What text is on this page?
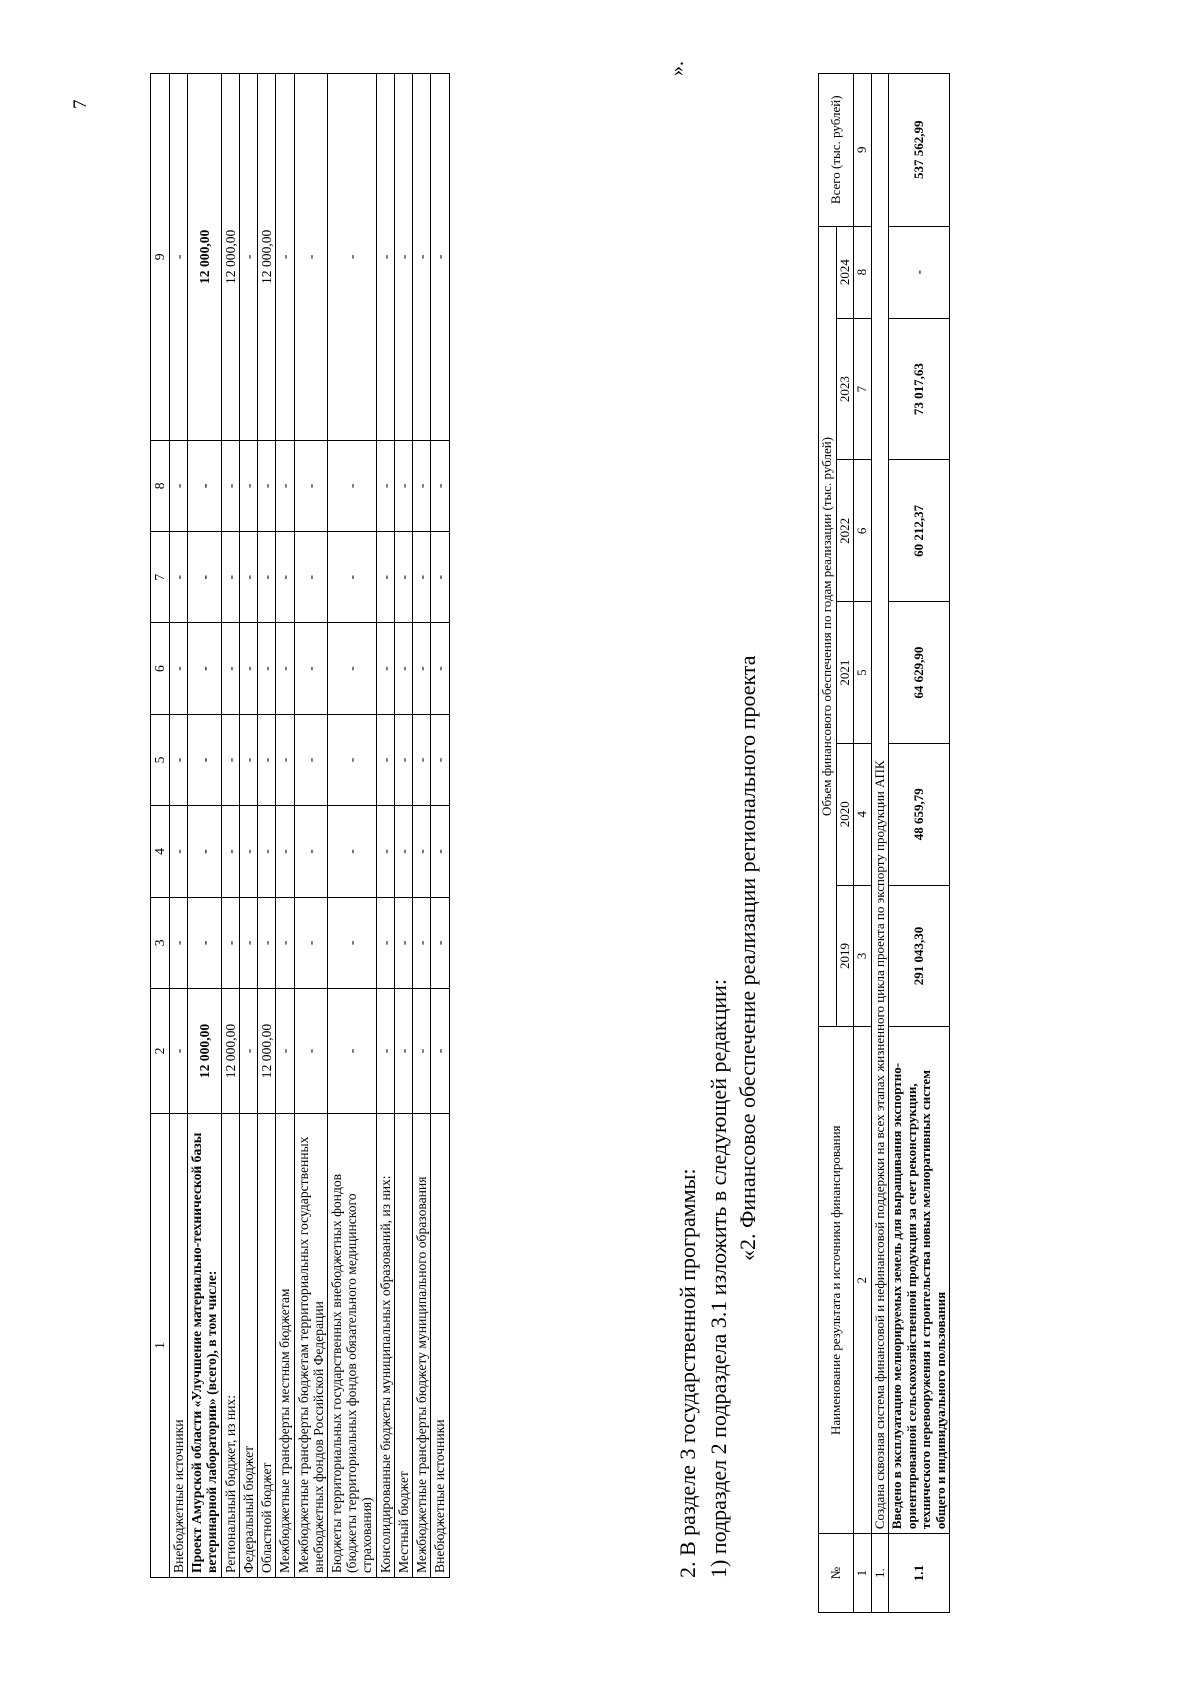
7
1	2	3	4	5	6	7	8	9
Внебюджетные источники	-	-	-	-	-	-	-	-
Проект Амурской области «Улучшение материально-технической базы ветеринарной лаборатории» (всего), в том числе:	12 000,00	-	-	-	-	-	-	12 000,00
Региональный бюджет, из них:	12 000,00	-	-	-	-	-	-	12 000,00
Федеральный бюджет	-	-	-	-	-	-	-	-
Областной бюджет	12 000,00	-	-	-	-	-	-	12 000,00
Межбюджетные трансферты местным бюджетам	-	-	-	-	-	-	-	-
Межбюджетные трансферты бюджетам территориальных государственных внебюджетных фондов Российской Федерации	-	-	-	-	-	-	-	-
Бюджеты территориальных государственных внебюджетных фондов (бюджеты территориальных фондов обязательного медицинского страхования)	-	-	-	-	-	-	-	-
Консолидированные бюджеты муниципальных образований, из них:	-	-	-	-	-	-	-	-
Местный бюджет	-	-	-	-	-	-	-	-
Межбюджетные трансферты бюджету муниципального образования	-	-	-	-	-	-	-	-
Внебюджетные источники	-	-	-	-	-	-	-	-
».
2. В разделе 3 государственной программы: 1) подраздел 2 подраздела 3.1 изложить в следующей редакции:
«2. Финансовое обеспечение реализации регионального проекта
№	Наименование результата и источники финансирования	Объем финансового обеспечения по годам реализации (тыс. рублей)						Всего (тыс. рублей)
		2019	2020	2021	2022	2023	2024	
1	2	3	4	5	6	7	8	9
1.	Создана сквозная система финансовой и нефинансовой поддержки на всех этапах жизненного цикла проекта по экспорту продукции АПК							
1.1	Введено в эксплуатацию мелиорируемых земель для выращивания экспортно-ориентированной сельскохозяйственной продукции за счет реконструкции, технического перевооружения и строительства новых мелиоративных систем общего и индивидуального пользования	291 043,30	48 659,79	64 629,90	60 212,37	73 017,63	-	537 562,99
